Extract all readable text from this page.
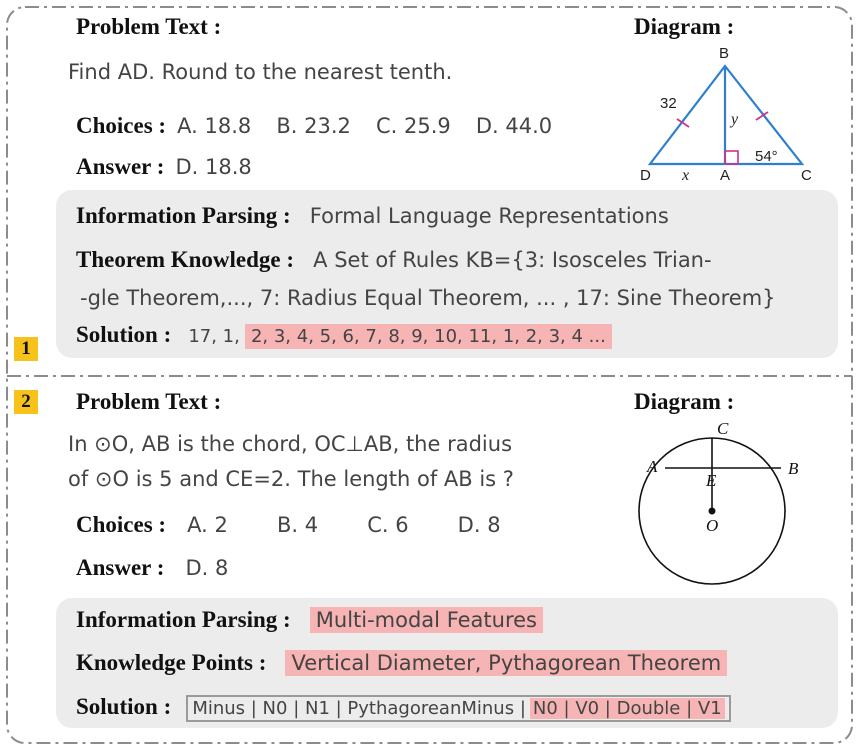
Problem Text :	Diagram :
Find AD. Round to the nearest tenth.
Choices : A. 18.8 B. 23.2 C. 25.9 D. 44.0
Answer : D. 18.8
B
D	A	C
32
y
x
54°
Information Parsing : Formal Language Representations
Theorem Knowledge : A Set of Rules KB={3: Isosceles Trian-
-gle Theorem,..., 7: Radius Equal Theorem, ... , 17: Sine Theorem}
Solution : 17, 1, 2, 3, 4, 5, 6, 7, 8, 9, 10, 11, 1, 2, 3, 4 ...
1
2	Problem Text :	Diagram :
In ⊙O, AB is the chord, OC⊥AB, the radius
of ⊙O is 5 and CE=2. The length of AB is ?
Choices : A. 2 B. 4 C. 6 D. 8
Answer : D. 8
C
A	B
E
O
Information Parsing : Multi-modal Features
Knowledge Points : Vertical Diameter, Pythagorean Theorem
Solution : Minus | N0 | N1 | PythagoreanMinus | N0 | V0 | Double | V1
